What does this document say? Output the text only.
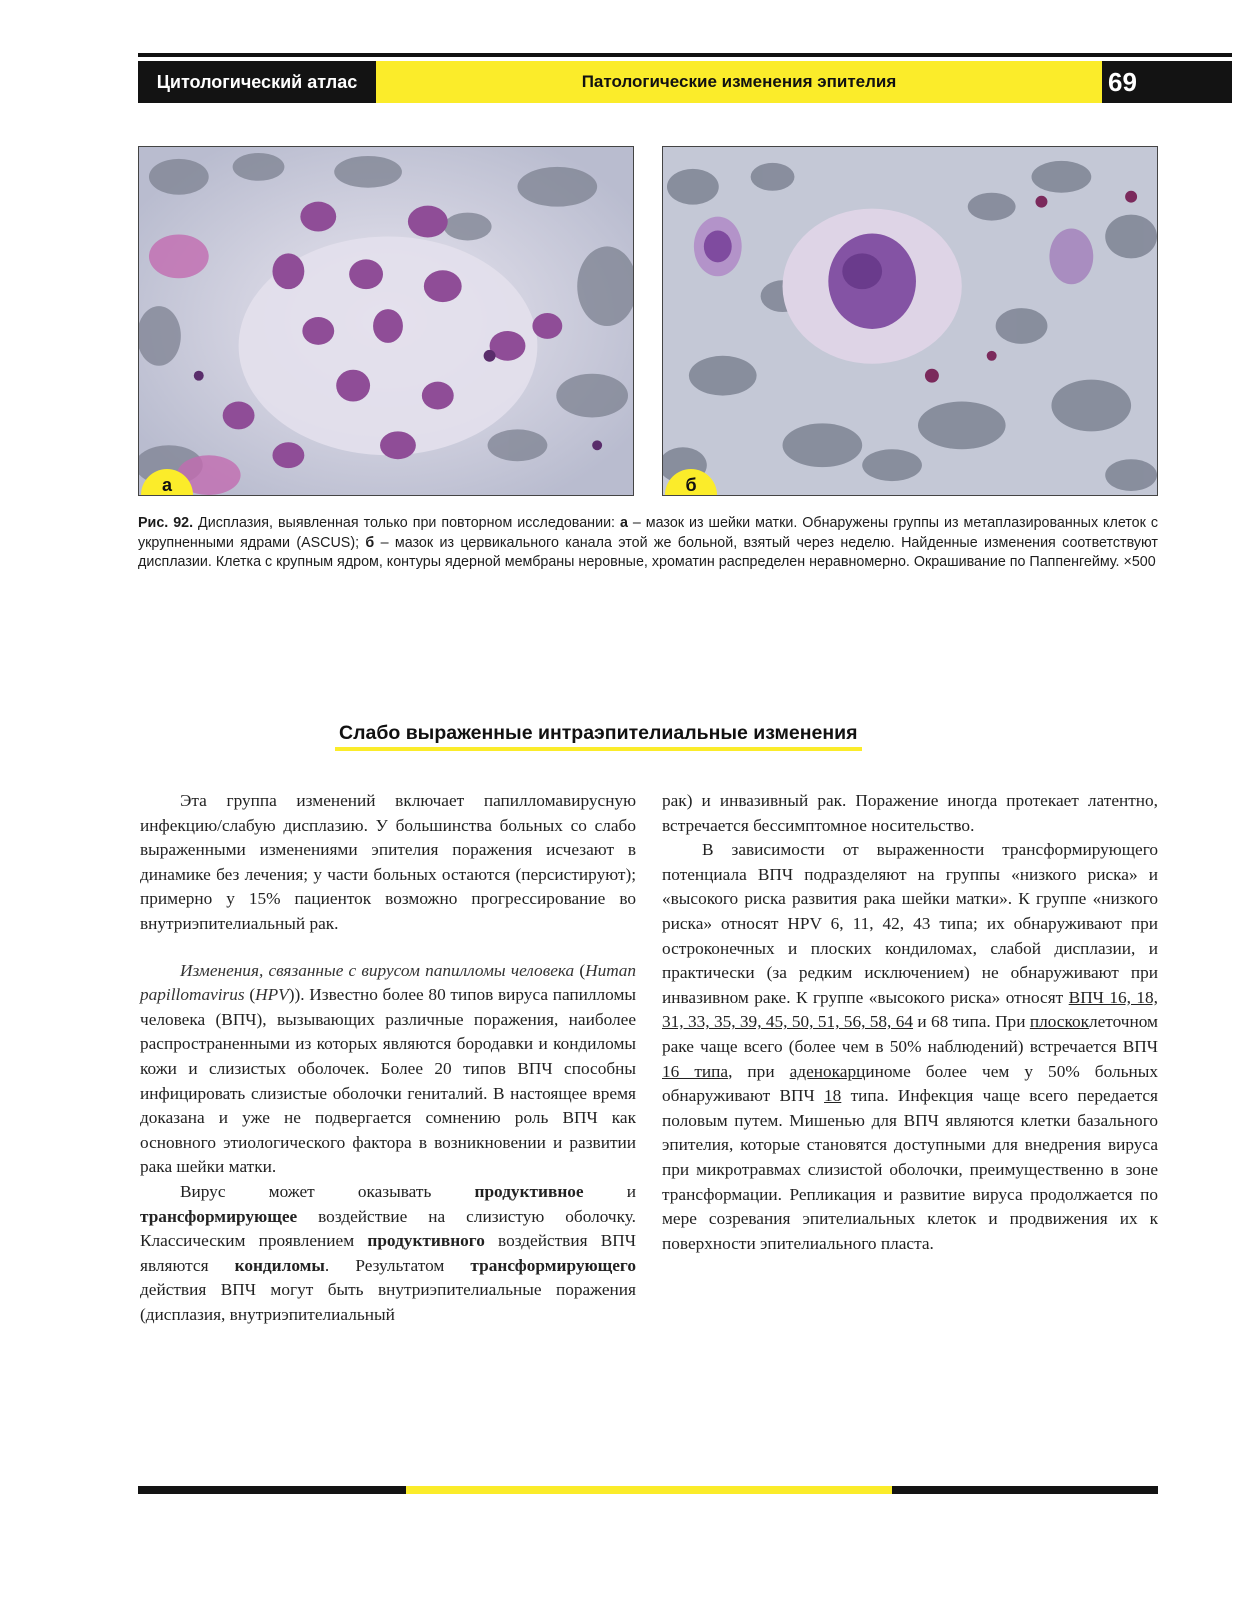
Цитологический атлас	Патологические изменения эпителия	69
а	б
Рис. 92. Дисплазия, выявленная только при повторном исследовании: а – мазок из шейки матки. Обнаружены группы из метаплазированных клеток с укрупненными ядрами (ASCUS); б – мазок из цервикального канала этой же больной, взятый через неделю. Найденные изменения соответствуют дисплазии. Клетка с крупным ядром, контуры ядерной мембраны неровные, хроматин распределен неравномерно. Окрашивание по Паппенгейму. ×500
Слабо выраженные интраэпителиальные изменения

Эта группа изменений включает папилломавирусную инфекцию/слабую дисплазию. У большинства больных со слабо выраженными изменениями эпителия поражения исчезают в динамике без лечения; у части больных остаются (персистируют); примерно у 15% пациенток возможно прогрессирование во внутриэпителиальный рак.

Изменения, связанные с вирусом папилломы человека (Human papillomavirus (HPV)). Известно более 80 типов вируса папилломы человека (ВПЧ), вызывающих различные поражения, наиболее распространенными из которых являются бородавки и кондиломы кожи и слизистых оболочек. Более 20 типов ВПЧ способны инфицировать слизистые оболочки гениталий. В настоящее время доказана и уже не подвергается сомнению роль ВПЧ как основного этиологического фактора в возникновении и развитии рака шейки матки.

Вирус может оказывать продуктивное и трансформирующее воздействие на слизистую оболочку. Классическим проявлением продуктивного воздействия ВПЧ являются кондиломы. Результатом трансформирующего действия ВПЧ могут быть внутриэпителиальные поражения (дисплазия, внутриэпителиальный

рак) и инвазивный рак. Поражение иногда протекает латентно, встречается бессимптомное носительство.

В зависимости от выраженности трансформирующего потенциала ВПЧ подразделяют на группы «низкого риска» и «высокого риска развития рака шейки матки». К группе «низкого риска» относят HPV 6, 11, 42, 43 типа; их обнаруживают при остроконечных и плоских кондиломах, слабой дисплазии, и практически (за редким исключением) не обнаруживают при инвазивном раке. К группе «высокого риска» относят ВПЧ 16, 18, 31, 33, 35, 39, 45, 50, 51, 56, 58, 64 и 68 типа. При плоскоклеточном раке чаще всего (более чем в 50% наблюдений) встречается ВПЧ 16 типа, при аденокарциноме более чем у 50% больных обнаруживают ВПЧ 18 типа. Инфекция чаще всего передается половым путем. Мишенью для ВПЧ являются клетки базального эпителия, которые становятся доступными для внедрения вируса при микротравмах слизистой оболочки, преимущественно в зоне трансформации. Репликация и развитие вируса продолжается по мере созревания эпителиальных клеток и продвижения их к поверхности эпителиального пласта.
